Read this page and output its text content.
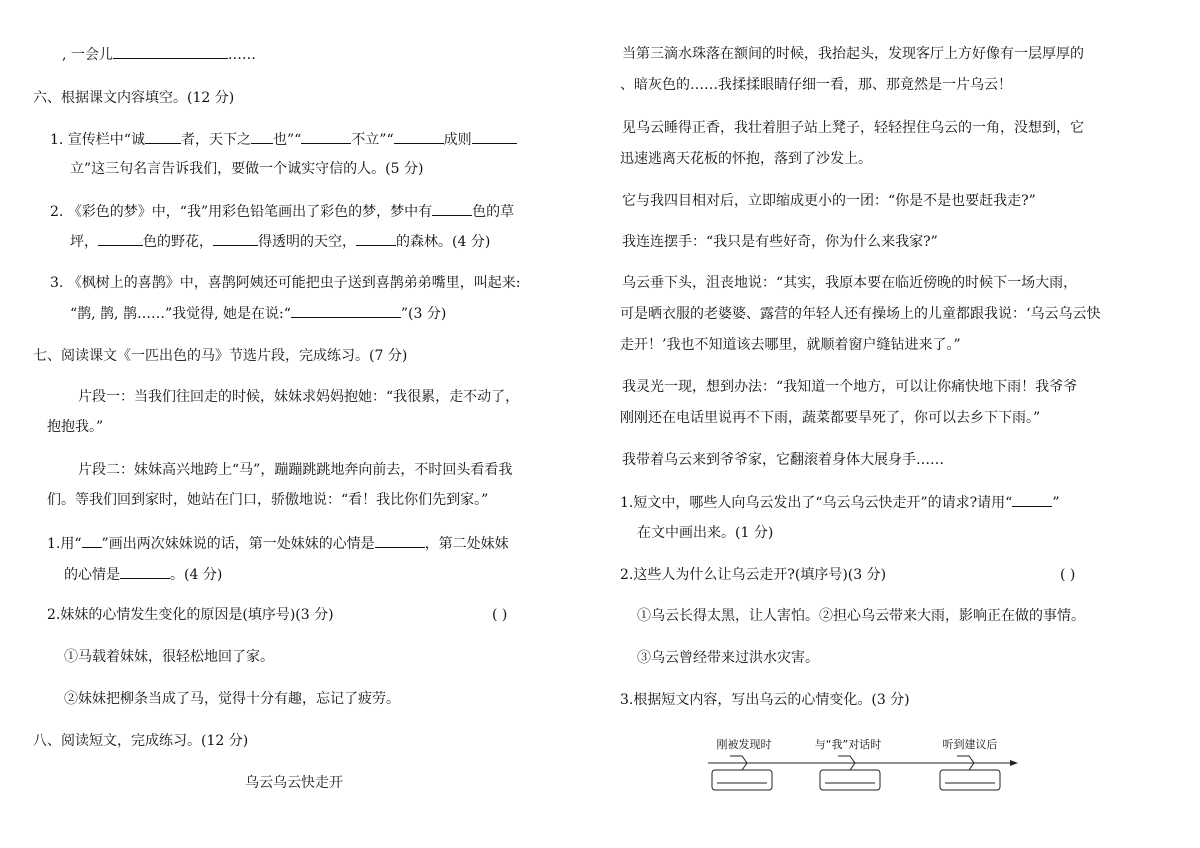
, 一会儿	……
六、根据课文内容填空。(12 分)
1. 宣传栏中“诚	者，天下之 也”“	不立”“	成则
立”这三句名言告诉我们，要做一个诚实守信的人。(5 分)
2. 《彩色的梦》中，“我”用彩色铅笔画出了彩色的梦，梦中有	色的草
坪，	色的野花，	得透明的天空，	的森林。(4 分)
3. 《枫树上的喜鹊》中，喜鹊阿姨还可能把虫子送到喜鹊弟弟嘴里，叫起来:
“鹊, 鹊, 鹊……”我觉得, 她是在说:“	”(3 分)
七、阅读课文《一匹出色的马》节选片段，完成练习。(7 分)
片段一：当我们往回走的时候，妹妹求妈妈抱她：“我很累，走不动了，
抱抱我。”
片段二：妹妹高兴地跨上“马”，蹦蹦跳跳地奔向前去，不时回头看看我
们。等我们回到家时，她站在门口，骄傲地说：“看！我比你们先到家。”
1.用“ ”画出两次妹妹说的话，第一处妹妹的心情是	，第二处妹妹
的心情是	。(4 分)
2.妹妹的心情发生变化的原因是(填序号)(3 分)	( )
①马载着妹妹，很轻松地回了家。
②妹妹把柳条当成了马，觉得十分有趣，忘记了疲劳。
八、阅读短文，完成练习。(12 分)
乌云乌云快走开
当第三滴水珠落在额间的时候，我抬起头，发现客厅上方好像有一层厚厚的
、暗灰色的……我揉揉眼睛仔细一看，那、那竟然是一片乌云！
见乌云睡得正香，我壮着胆子站上凳子，轻轻捏住乌云的一角，没想到，它
迅速逃离天花板的怀抱，落到了沙发上。
它与我四目相对后，立即缩成更小的一团：“你是不是也要赶我走?”
我连连摆手：“我只是有些好奇，你为什么来我家?”
乌云垂下头，沮丧地说：“其实，我原本要在临近傍晚的时候下一场大雨，
可是晒衣服的老婆婆、露营的年轻人还有操场上的儿童都跟我说：‘乌云乌云快
走开！’我也不知道该去哪里，就顺着窗户缝钻进来了。”
我灵光一现，想到办法：“我知道一个地方，可以让你痛快地下雨！我爷爷
刚刚还在电话里说再不下雨，蔬菜都要旱死了，你可以去乡下下雨。”
我带着乌云来到爷爷家，它翻滚着身体大展身手……
1.短文中，哪些人向乌云发出了“乌云乌云快走开”的请求?请用“	”
在文中画出来。(1 分)
2.这些人为什么让乌云走开?(填序号)(3 分)	( )
①乌云长得太黑，让人害怕。②担心乌云带来大雨，影响正在做的事情。
③乌云曾经带来过洪水灾害。
3.根据短文内容，写出乌云的心情变化。(3 分)
刚被发现时	与“我”对话时	听到建议后
